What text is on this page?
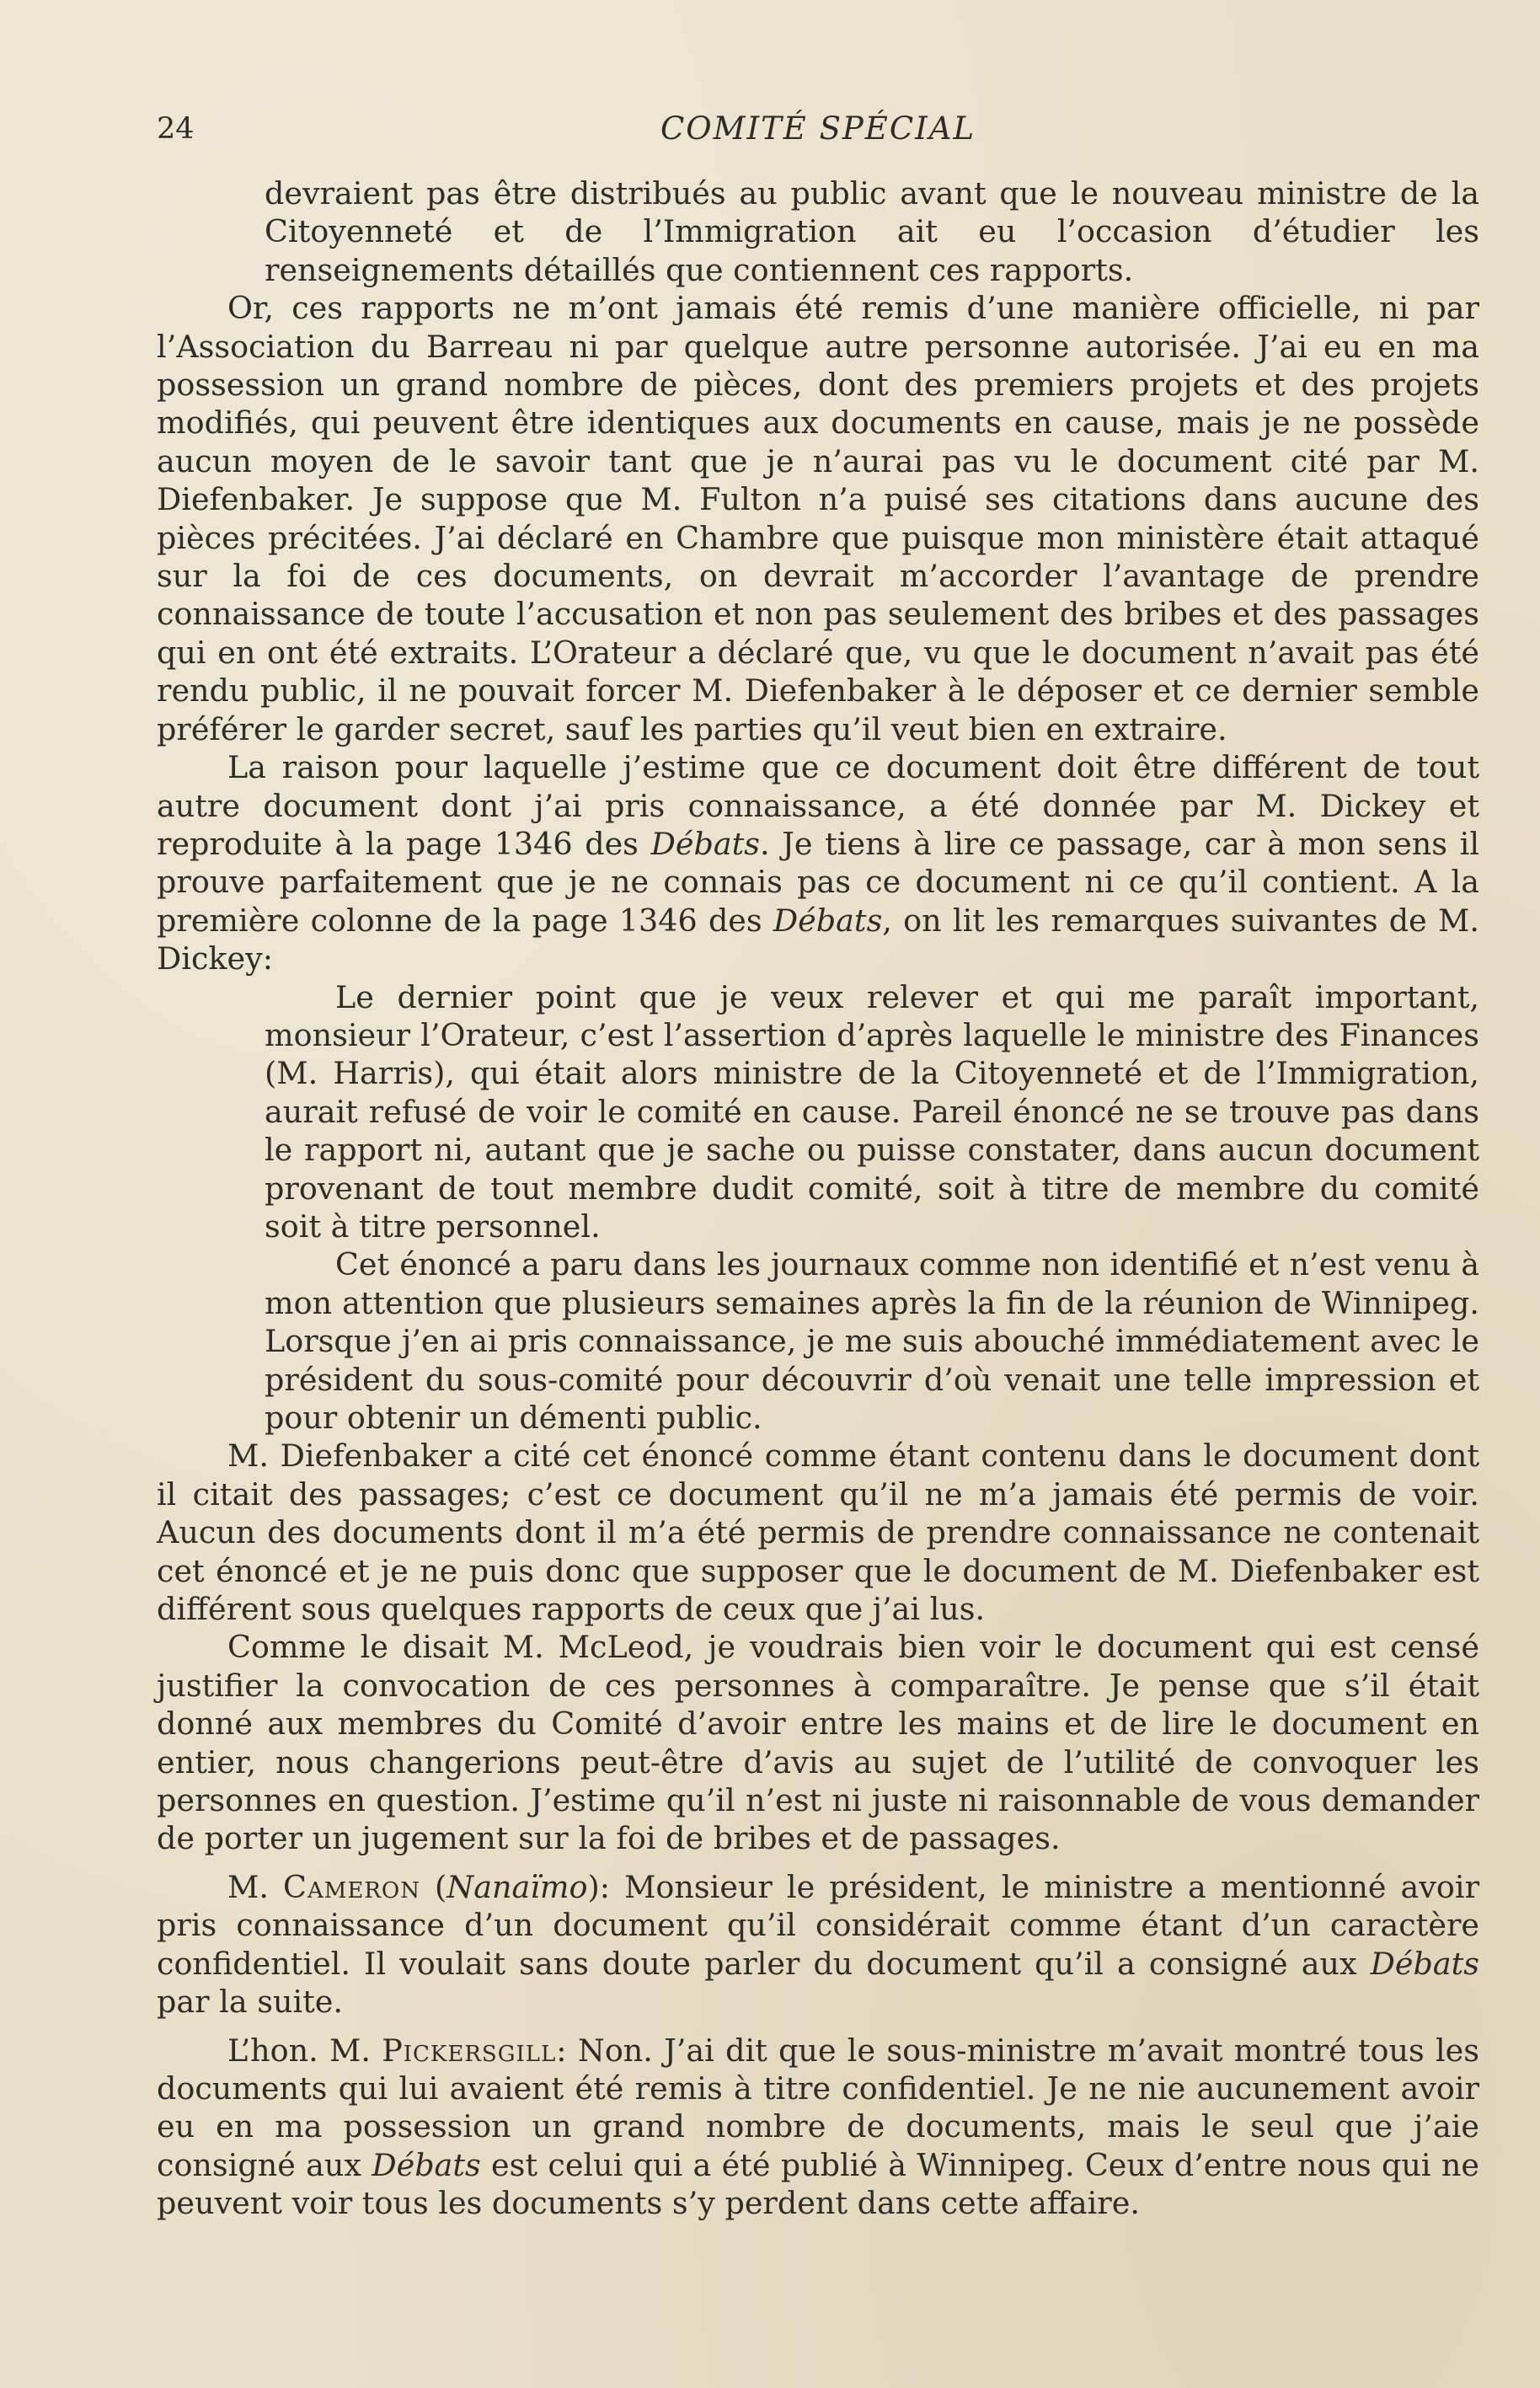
24	COMITÉ SPÉCIAL

devraient pas être distribués au public avant que le nouveau ministre de la Citoyenneté et de l’Immigration ait eu l’occasion d’étudier les renseignements détaillés que contiennent ces rapports.

Or, ces rapports ne m’ont jamais été remis d’une manière officielle, ni par l’Association du Barreau ni par quelque autre personne autorisée. J’ai eu en ma possession un grand nombre de pièces, dont des premiers projets et des projets modifiés, qui peuvent être identiques aux documents en cause, mais je ne possède aucun moyen de le savoir tant que je n’aurai pas vu le document cité par M. Diefenbaker. Je suppose que M. Fulton n’a puisé ses citations dans aucune des pièces précitées. J’ai déclaré en Chambre que puisque mon ministère était attaqué sur la foi de ces documents, on devrait m’accorder l’avantage de prendre connaissance de toute l’accusation et non pas seulement des bribes et des passages qui en ont été extraits. L’Orateur a déclaré que, vu que le document n’avait pas été rendu public, il ne pouvait forcer M. Diefenbaker à le déposer et ce dernier semble préférer le garder secret, sauf les parties qu’il veut bien en extraire.

La raison pour laquelle j’estime que ce document doit être différent de tout autre document dont j’ai pris connaissance, a été donnée par M. Dickey et reproduite à la page 1346 des Débats. Je tiens à lire ce passage, car à mon sens il prouve parfaitement que je ne connais pas ce document ni ce qu’il contient. A la première colonne de la page 1346 des Débats, on lit les remarques suivantes de M. Dickey:

Le dernier point que je veux relever et qui me paraît important, monsieur l’Orateur, c’est l’assertion d’après laquelle le ministre des Finances (M. Harris), qui était alors ministre de la Citoyenneté et de l’Immigration, aurait refusé de voir le comité en cause. Pareil énoncé ne se trouve pas dans le rapport ni, autant que je sache ou puisse constater, dans aucun document provenant de tout membre dudit comité, soit à titre de membre du comité soit à titre personnel.

Cet énoncé a paru dans les journaux comme non identifié et n’est venu à mon attention que plusieurs semaines après la fin de la réunion de Winnipeg. Lorsque j’en ai pris connaissance, je me suis abouché immédiatement avec le président du sous-comité pour découvrir d’où venait une telle impression et pour obtenir un démenti public.

M. Diefenbaker a cité cet énoncé comme étant contenu dans le document dont il citait des passages; c’est ce document qu’il ne m’a jamais été permis de voir. Aucun des documents dont il m’a été permis de prendre connaissance ne contenait cet énoncé et je ne puis donc que supposer que le document de M. Diefenbaker est différent sous quelques rapports de ceux que j’ai lus.

Comme le disait M. McLeod, je voudrais bien voir le document qui est censé justifier la convocation de ces personnes à comparaître. Je pense que s’il était donné aux membres du Comité d’avoir entre les mains et de lire le document en entier, nous changerions peut-être d’avis au sujet de l’utilité de convoquer les personnes en question. J’estime qu’il n’est ni juste ni raisonnable de vous demander de porter un jugement sur la foi de bribes et de passages.

M. Cameron (Nanaïmo): Monsieur le président, le ministre a mentionné avoir pris connaissance d’un document qu’il considérait comme étant d’un caractère confidentiel. Il voulait sans doute parler du document qu’il a consigné aux Débats par la suite.

L’hon. M. Pickersgill: Non. J’ai dit que le sous-ministre m’avait montré tous les documents qui lui avaient été remis à titre confidentiel. Je ne nie aucunement avoir eu en ma possession un grand nombre de documents, mais le seul que j’aie consigné aux Débats est celui qui a été publié à Winnipeg. Ceux d’entre nous qui ne peuvent voir tous les documents s’y perdent dans cette affaire.
